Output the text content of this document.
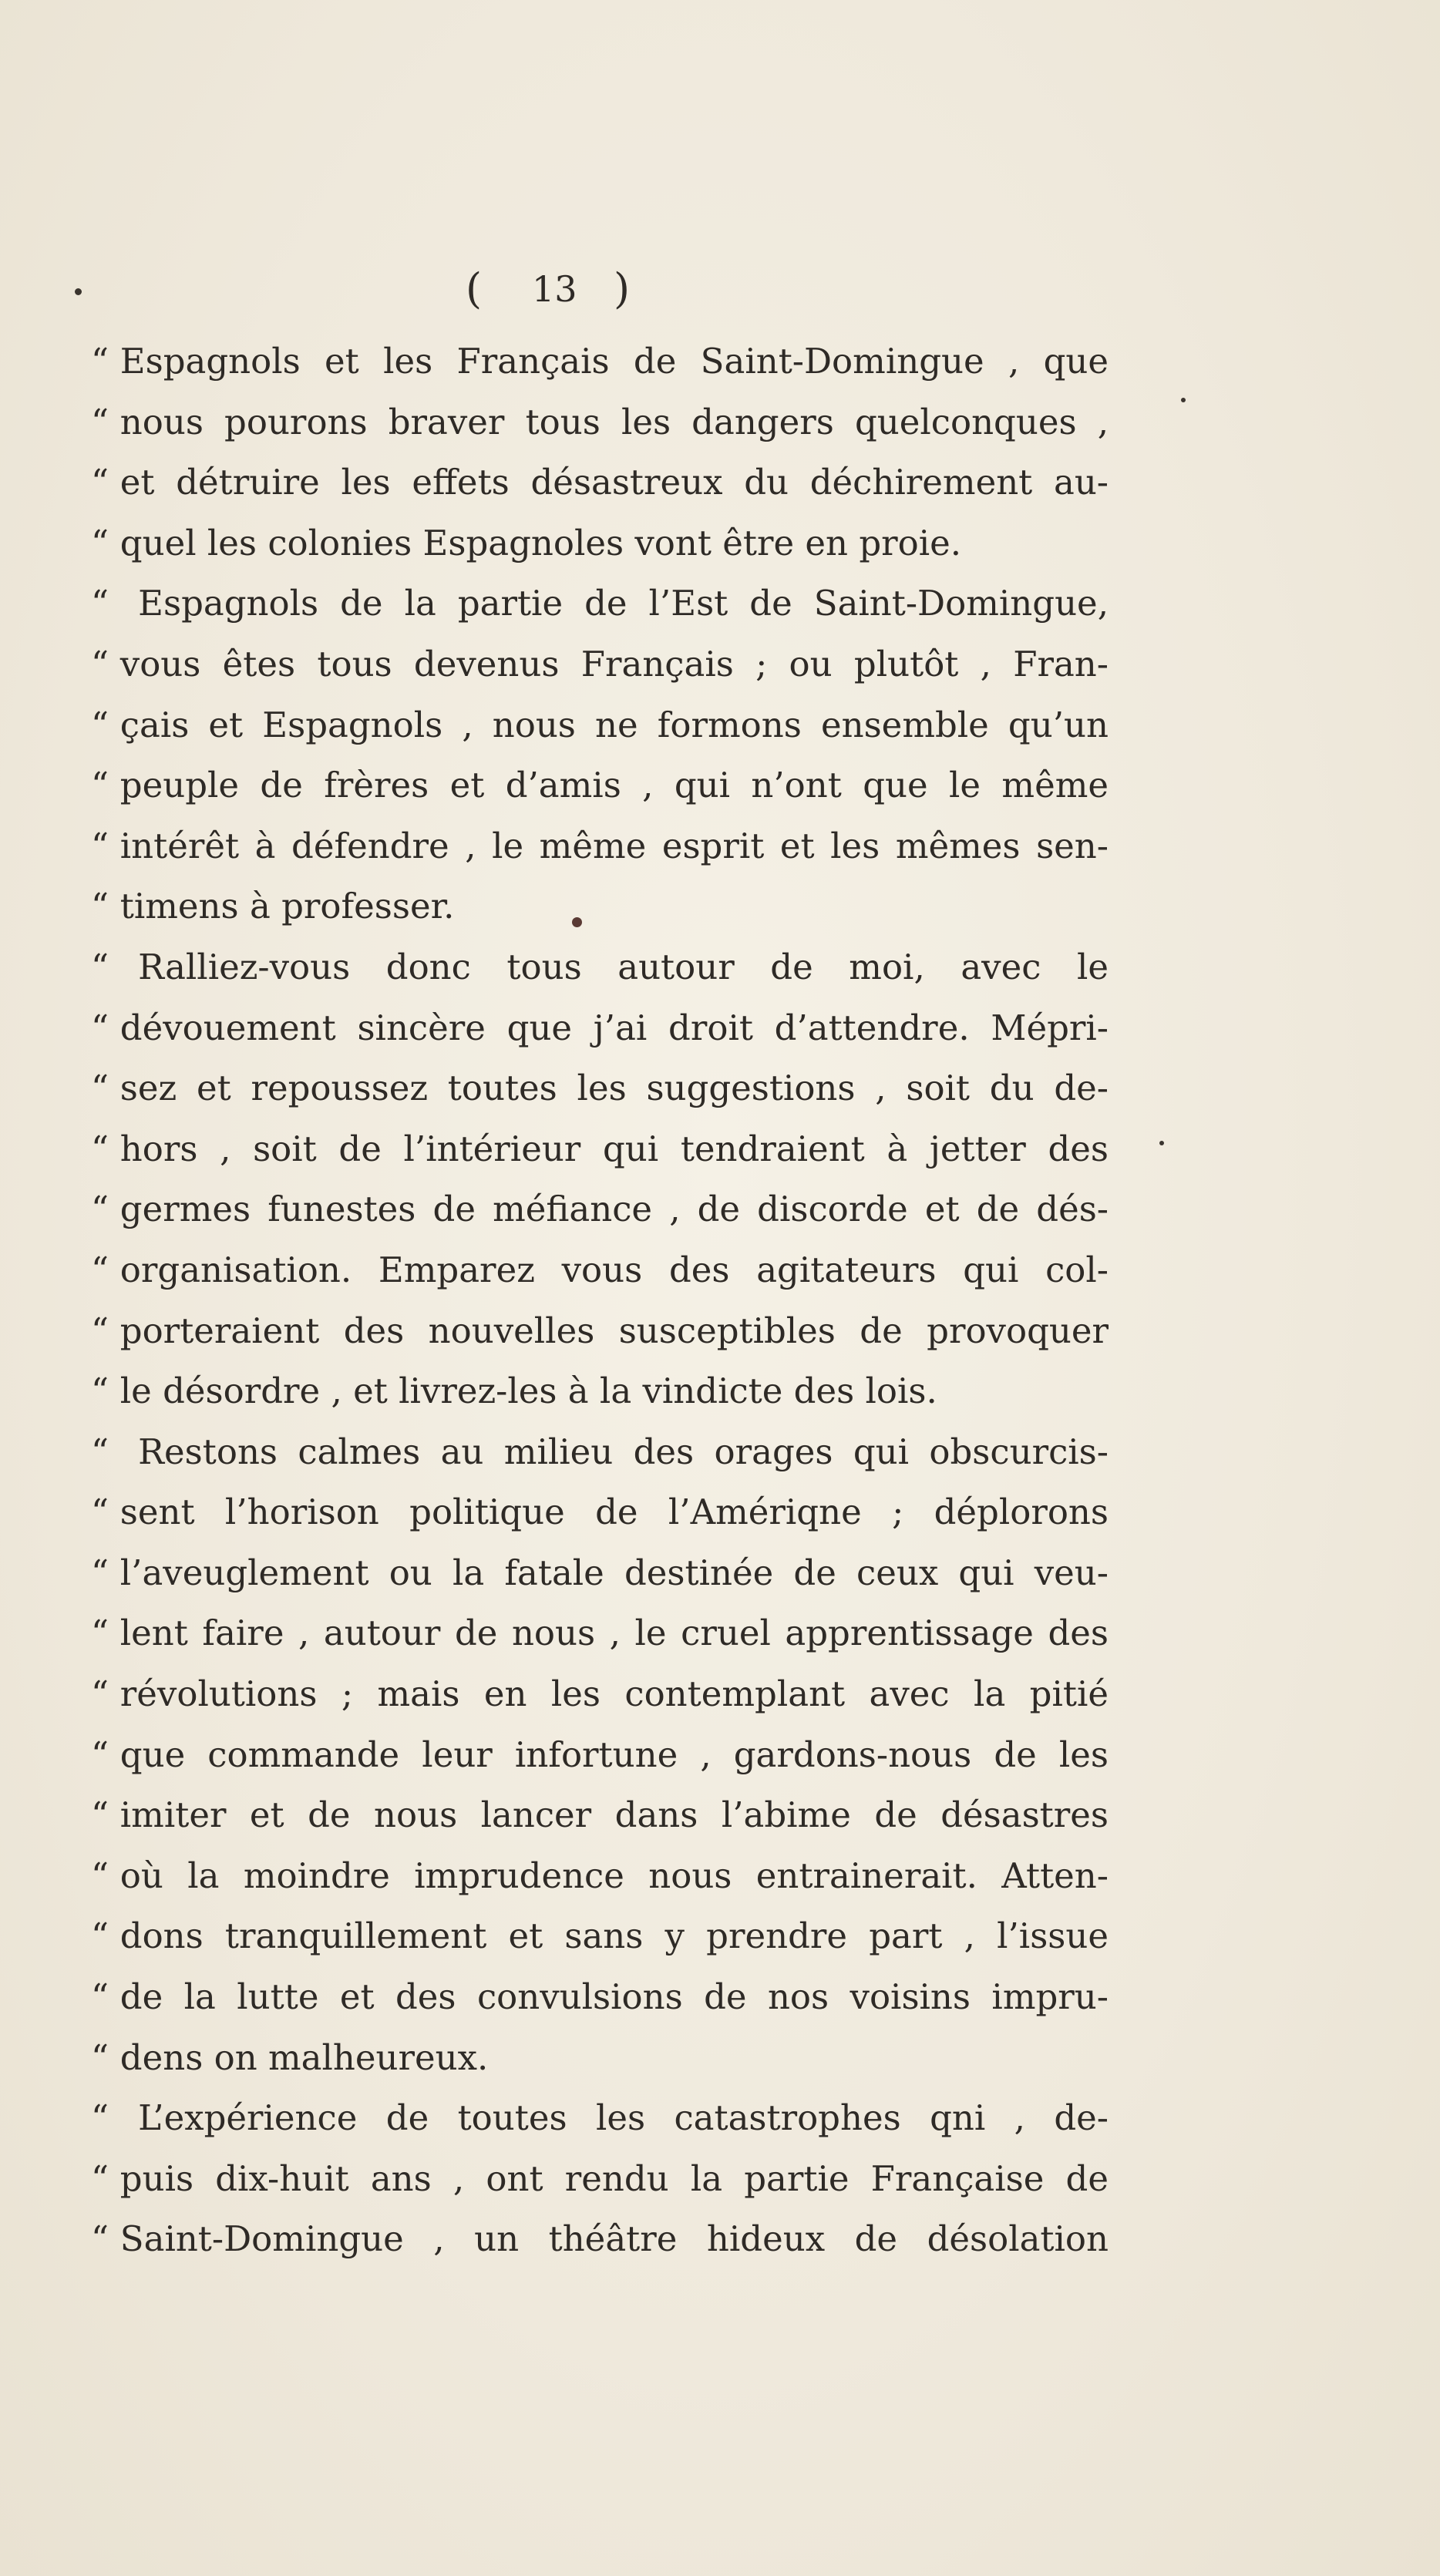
( 13 )
“ Espagnols et les Français de Saint-Domingue , que
“ nous pourons braver tous les dangers quelconques ,
“ et détruire les effets désastreux du déchirement au-
“ quel les colonies Espagnoles vont être en proie.
“ Espagnols de la partie de l’Est de Saint-Domingue,
“ vous êtes tous devenus Français ; ou plutôt , Fran-
“ çais et Espagnols , nous ne formons ensemble qu’un
“ peuple de frères et d’amis , qui n’ont que le même
“ intérêt à défendre , le même esprit et les mêmes sen-
“ timens à professer.
“ Ralliez-vous donc tous autour de moi, avec le
“ dévouement sincère que j’ai droit d’attendre. Mépri-
“ sez et repoussez toutes les suggestions , soit du de-
“ hors , soit de l’intérieur qui tendraient à jetter des
“ germes funestes de méfiance , de discorde et de dés-
“ organisation. Emparez vous des agitateurs qui col-
“ porteraient des nouvelles susceptibles de provoquer
“ le désordre , et livrez-les à la vindicte des lois.
“ Restons calmes au milieu des orages qui obscurcis-
“ sent l’horison politique de l’Amériqne ; déplorons
“ l’aveuglement ou la fatale destinée de ceux qui veu-
“ lent faire , autour de nous , le cruel apprentissage des
“ révolutions ; mais en les contemplant avec la pitié
“ que commande leur infortune , gardons-nous de les
“ imiter et de nous lancer dans l’abime de désastres
“ où la moindre imprudence nous entrainerait. Atten-
“ dons tranquillement et sans y prendre part , l’issue
“ de la lutte et des convulsions de nos voisins impru-
“ dens on malheureux.
“ L’expérience de toutes les catastrophes qni , de-
“ puis dix-huit ans , ont rendu la partie Française de
“ Saint-Domingue , un théâtre hideux de désolation
